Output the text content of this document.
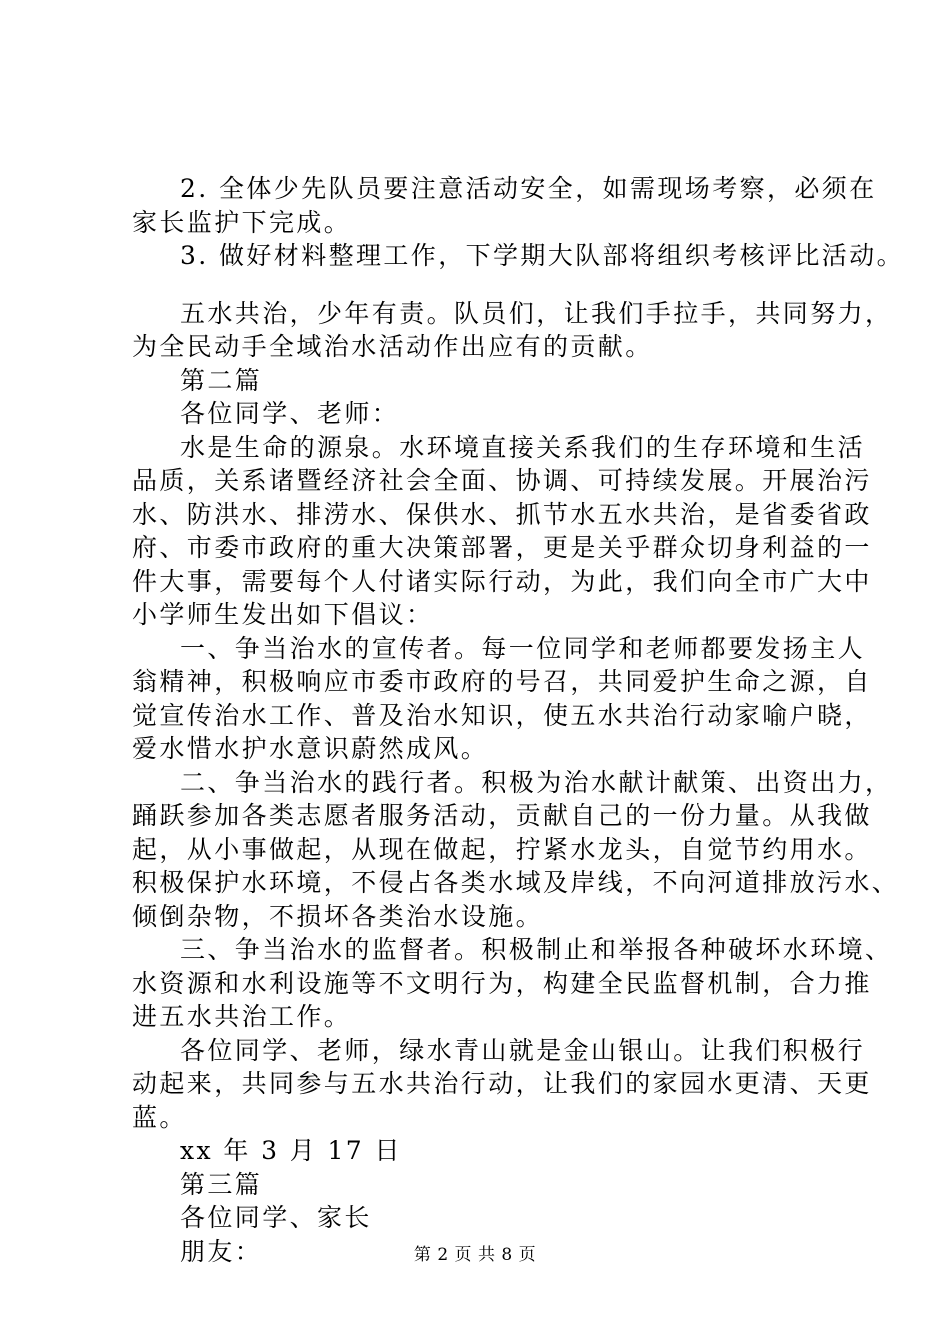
2. 全体少先队员要注意活动安全，如需现场考察，必须在
家长监护下完成。
3. 做好材料整理工作，下学期大队部将组织考核评比活动。
五水共治，少年有责。队员们，让我们手拉手，共同努力，
为全民动手全域治水活动作出应有的贡献。
第二篇
各位同学、老师：
水是生命的源泉。水环境直接关系我们的生存环境和生活
品质，关系诸暨经济社会全面、协调、可持续发展。开展治污
水、防洪水、排涝水、保供水、抓节水五水共治，是省委省政
府、市委市政府的重大决策部署，更是关乎群众切身利益的一
件大事，需要每个人付诸实际行动，为此，我们向全市广大中
小学师生发出如下倡议：
一、争当治水的宣传者。每一位同学和老师都要发扬主人
翁精神，积极响应市委市政府的号召，共同爱护生命之源，自
觉宣传治水工作、普及治水知识，使五水共治行动家喻户晓，
爱水惜水护水意识蔚然成风。
二、争当治水的践行者。积极为治水献计献策、出资出力，
踊跃参加各类志愿者服务活动，贡献自己的一份力量。从我做
起，从小事做起，从现在做起，拧紧水龙头，自觉节约用水。
积极保护水环境，不侵占各类水域及岸线，不向河道排放污水、
倾倒杂物，不损坏各类治水设施。
三、争当治水的监督者。积极制止和举报各种破坏水环境、
水资源和水利设施等不文明行为，构建全民监督机制，合力推
进五水共治工作。
各位同学、老师，绿水青山就是金山银山。让我们积极行
动起来，共同参与五水共治行动，让我们的家园水更清、天更
蓝。
xx 年 3 月 17 日
第三篇
各位同学、家长
朋友：	第 2 页 共 8 页
